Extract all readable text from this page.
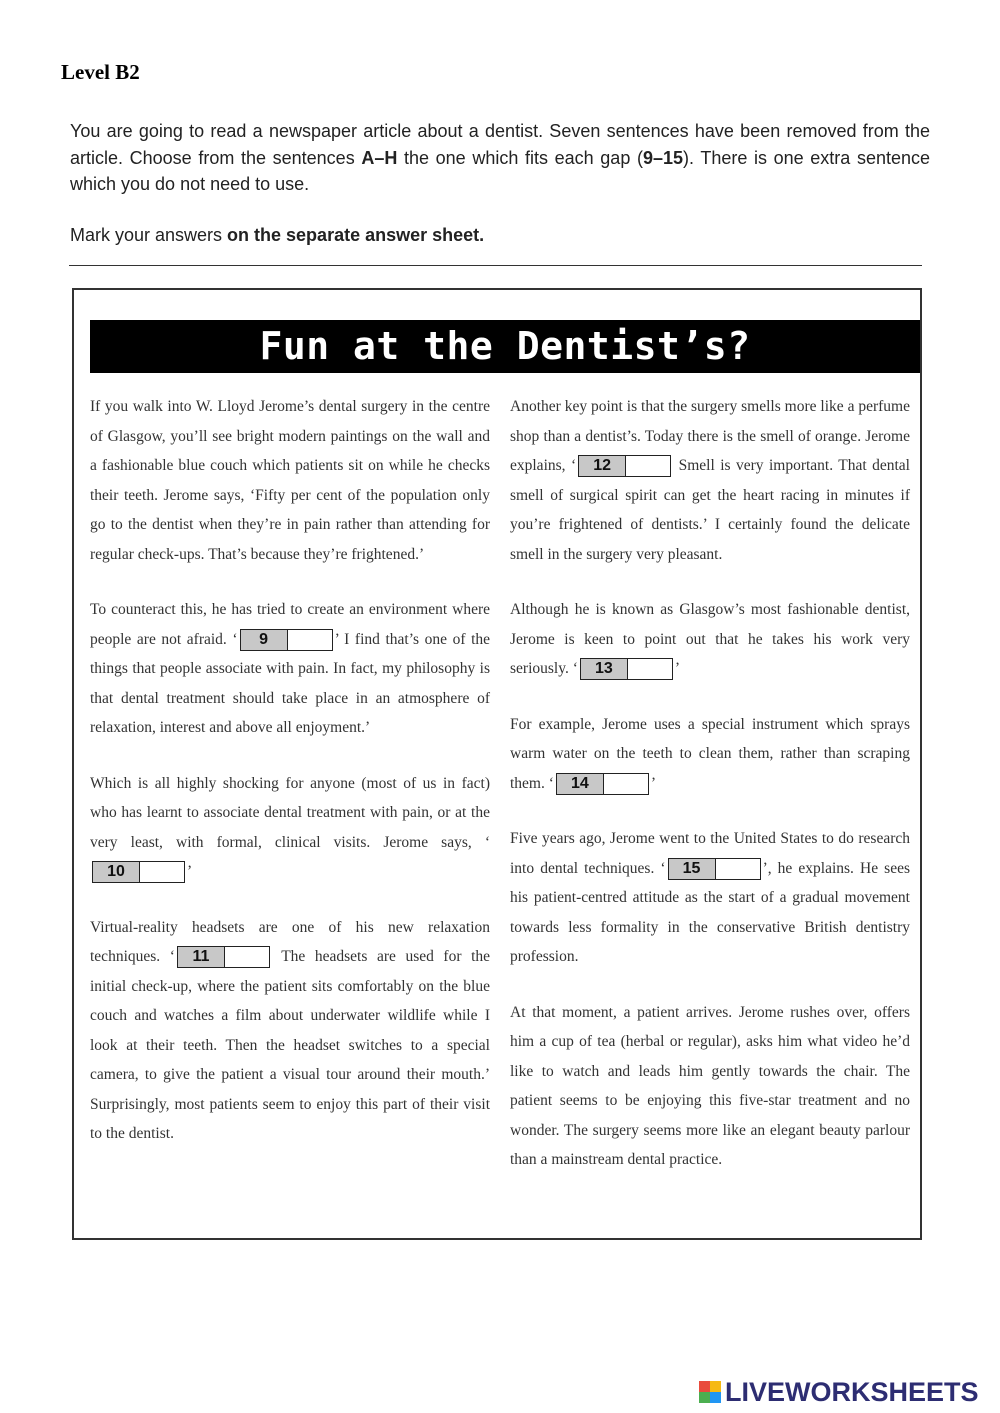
Level B2

You are going to read a newspaper article about a dentist. Seven sentences have been removed from the article. Choose from the sentences A–H the one which fits each gap (9–15). There is one extra sentence which you do not need to use.

Mark your answers on the separate answer sheet.

Fun at the Dentist’s?

If you walk into W. Lloyd Jerome’s dental surgery in the centre of Glasgow, you’ll see bright modern paintings on the wall and a fashionable blue couch which patients sit on while he checks their teeth. Jerome says, ‘Fifty per cent of the population only go to the dentist when they’re in pain rather than attending for regular check-ups. That’s because they’re frightened.’

To counteract this, he has tried to create an environment where people are not afraid. ‘	9	’ I find that’s one of the things that people associate with pain. In fact, my philosophy is that dental treatment should take place in an atmosphere of relaxation, interest and above all enjoyment.’

Which is all highly shocking for anyone (most of us in fact) who has learnt to associate dental treatment with pain, or at the very least, with formal, clinical visits. Jerome says, ‘
10	’

Virtual-reality headsets are one of his new relaxation techniques. ‘	11	The headsets are used for the initial check-up, where the patient sits comfortably on the blue couch and watches a film about underwater wildlife while I look at their teeth. Then the headset switches to a special camera, to give the patient a visual tour around their mouth.’ Surprisingly, most patients seem to enjoy this part of their visit to the dentist.

Another key point is that the surgery smells more like a perfume shop than a dentist’s. Today there is the smell of orange. Jerome explains, ‘	12	Smell is very important. That dental smell of surgical spirit can get the heart racing in minutes if you’re frightened of dentists.’ I certainly found the delicate smell in the surgery very pleasant.

Although he is known as Glasgow’s most fashionable dentist, Jerome is keen to point out that he takes his work very seriously. ‘	13	’

For example, Jerome uses a special instrument which sprays warm water on the teeth to clean them, rather than scraping them. ‘	14	’

Five years ago, Jerome went to the United States to do research into dental techniques. ‘	15	’, he explains. He sees his patient-centred attitude as the start of a gradual movement towards less formality in the conservative British dentistry profession.

At that moment, a patient arrives. Jerome rushes over, offers him a cup of tea (herbal or regular), asks him what video he’d like to watch and leads him gently towards the chair. The patient seems to be enjoying this five-star treatment and no wonder. The surgery seems more like an elegant beauty parlour than a mainstream dental practice.

LIVEWORKSHEETS
